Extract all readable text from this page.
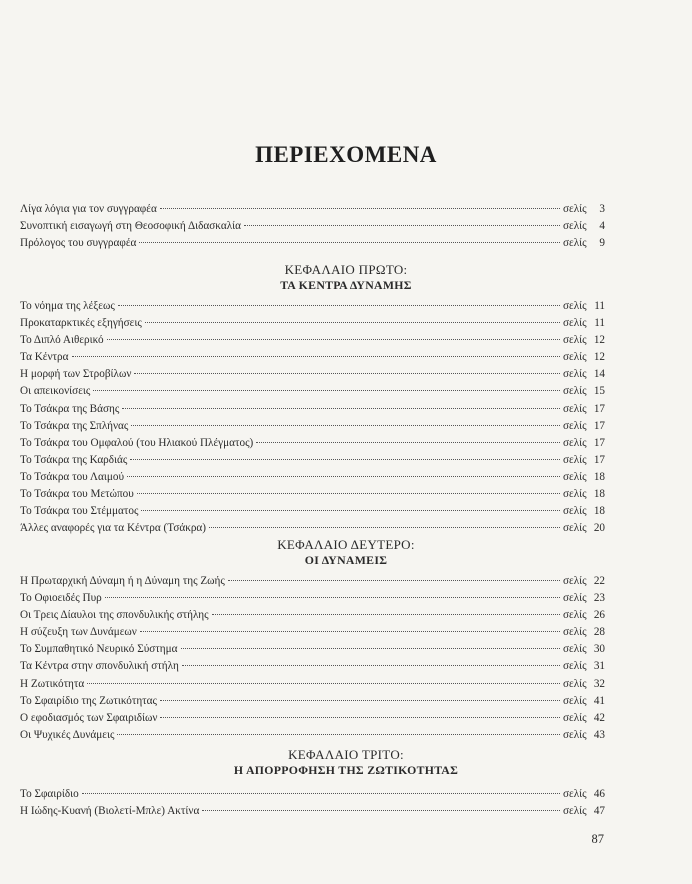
ΠΕΡΙΕΧΟΜΕΝΑ
Λίγα λόγια για τον συγγραφέα	σελίς 3
Συνοπτική εισαγωγή στη Θεοσοφική Διδασκαλία	σελίς 4
Πρόλογος του συγγραφέα	σελίς 9
ΚΕΦΑΛΑΙΟ ΠΡΩΤΟ:
ΤΑ ΚΕΝΤΡΑ ΔΥΝΑΜΗΣ
Το νόημα της λέξεως	σελίς 11
Προκαταρκτικές εξηγήσεις	σελίς 11
Το Διπλό Αιθερικό	σελίς 12
Τα Κέντρα	σελίς 12
Η μορφή των Στροβίλων	σελίς 14
Οι απεικονίσεις	σελίς 15
Το Τσάκρα της Βάσης	σελίς 17
Το Τσάκρα της Σπλήνας	σελίς 17
Το Τσάκρα του Ομφαλού (του Ηλιακού Πλέγματος)	σελίς 17
Το Τσάκρα της Καρδιάς	σελίς 17
Το Τσάκρα του Λαιμού	σελίς 18
Το Τσάκρα του Μετώπου	σελίς 18
Το Τσάκρα του Στέμματος	σελίς 18
Άλλες αναφορές για τα Κέντρα (Τσάκρα)	σελίς 20
ΚΕΦΑΛΑΙΟ ΔΕΥΤΕΡΟ:
ΟΙ ΔΥΝΑΜΕΙΣ
Η Πρωταρχική Δύναμη ή η Δύναμη της Ζωής	σελίς 22
Το Οφιοειδές Πυρ	σελίς 23
Οι Τρεις Δίαυλοι της σπονδυλικής στήλης	σελίς 26
Η σύζευξη των Δυνάμεων	σελίς 28
Το Συμπαθητικό Νευρικό Σύστημα	σελίς 30
Τα Κέντρα στην σπονδυλική στήλη	σελίς 31
Η Ζωτικότητα	σελίς 32
Το Σφαιρίδιο της Ζωτικότητας	σελίς 41
Ο εφοδιασμός των Σφαιριδίων	σελίς 42
Οι Ψυχικές Δυνάμεις	σελίς 43
ΚΕΦΑΛΑΙΟ ΤΡΙΤΟ:
Η ΑΠΟΡΡΟΦΗΣΗ ΤΗΣ ΖΩΤΙΚΟΤΗΤΑΣ
Το Σφαιρίδιο	σελίς 46
Η Ιώδης-Κυανή (Βιολετί-Μπλε) Ακτίνα	σελίς 47
87
